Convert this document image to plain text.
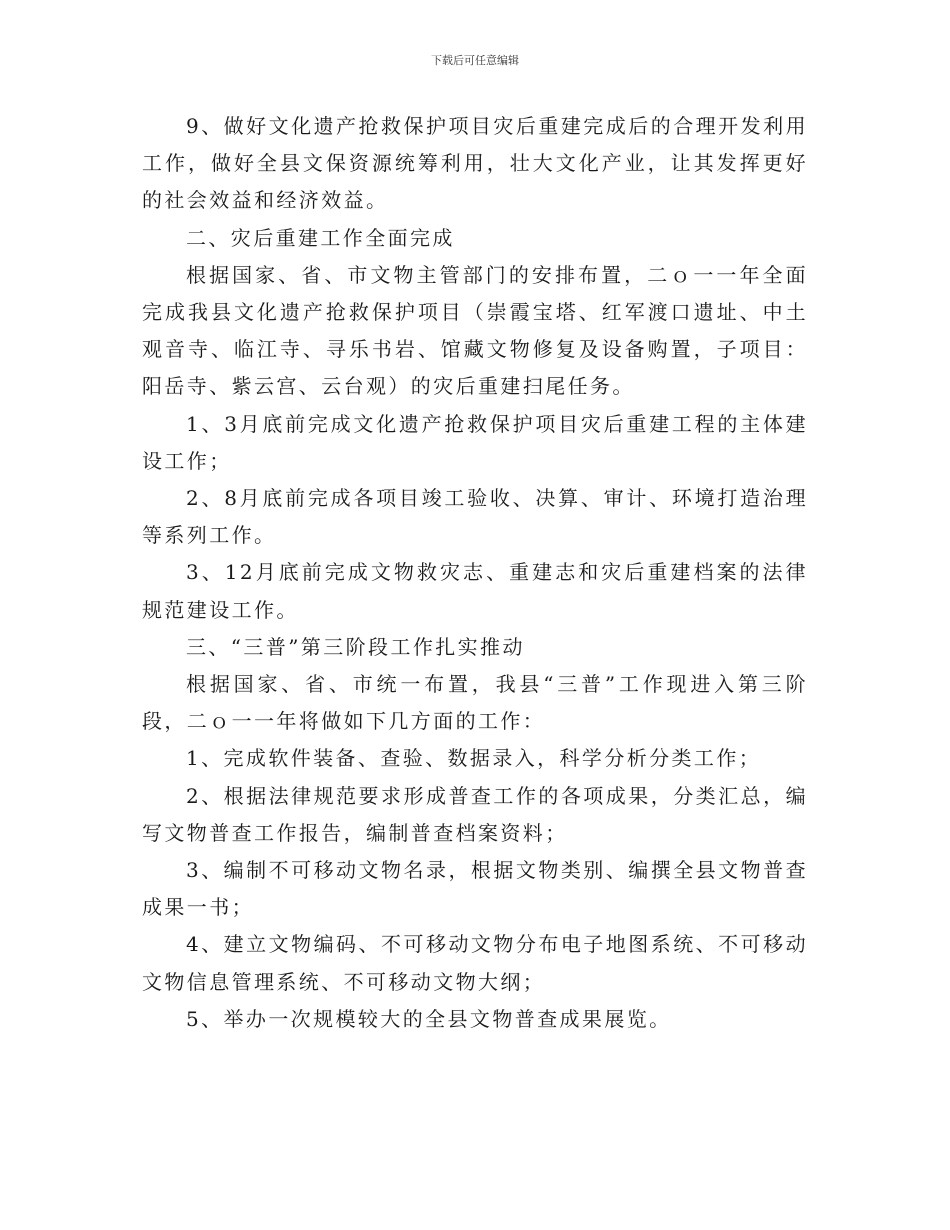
下载后可任意编辑

9、做好文化遗产抢救保护项目灾后重建完成后的合理开发利用工作，做好全县文保资源统筹利用，壮大文化产业，让其发挥更好的社会效益和经济效益。

二、灾后重建工作全面完成

根据国家、省、市文物主管部门的安排布置，二ｏ一一年全面完成我县文化遗产抢救保护项目（崇霞宝塔、红军渡口遗址、中土观音寺、临江寺、寻乐书岩、馆藏文物修复及设备购置，子项目：阳岳寺、紫云宫、云台观）的灾后重建扫尾任务。

1、3月底前完成文化遗产抢救保护项目灾后重建工程的主体建设工作；

2、8月底前完成各项目竣工验收、决算、审计、环境打造治理等系列工作。

3、12月底前完成文物救灾志、重建志和灾后重建档案的法律规范建设工作。

三、“三普”第三阶段工作扎实推动

根据国家、省、市统一布置，我县“三普”工作现进入第三阶段，二ｏ一一年将做如下几方面的工作：

1、完成软件装备、查验、数据录入，科学分析分类工作；

2、根据法律规范要求形成普查工作的各项成果，分类汇总，编写文物普查工作报告，编制普查档案资料；

3、编制不可移动文物名录，根据文物类别、编撰全县文物普查成果一书；

4、建立文物编码、不可移动文物分布电子地图系统、不可移动文物信息管理系统、不可移动文物大纲；

5、举办一次规模较大的全县文物普查成果展览。
